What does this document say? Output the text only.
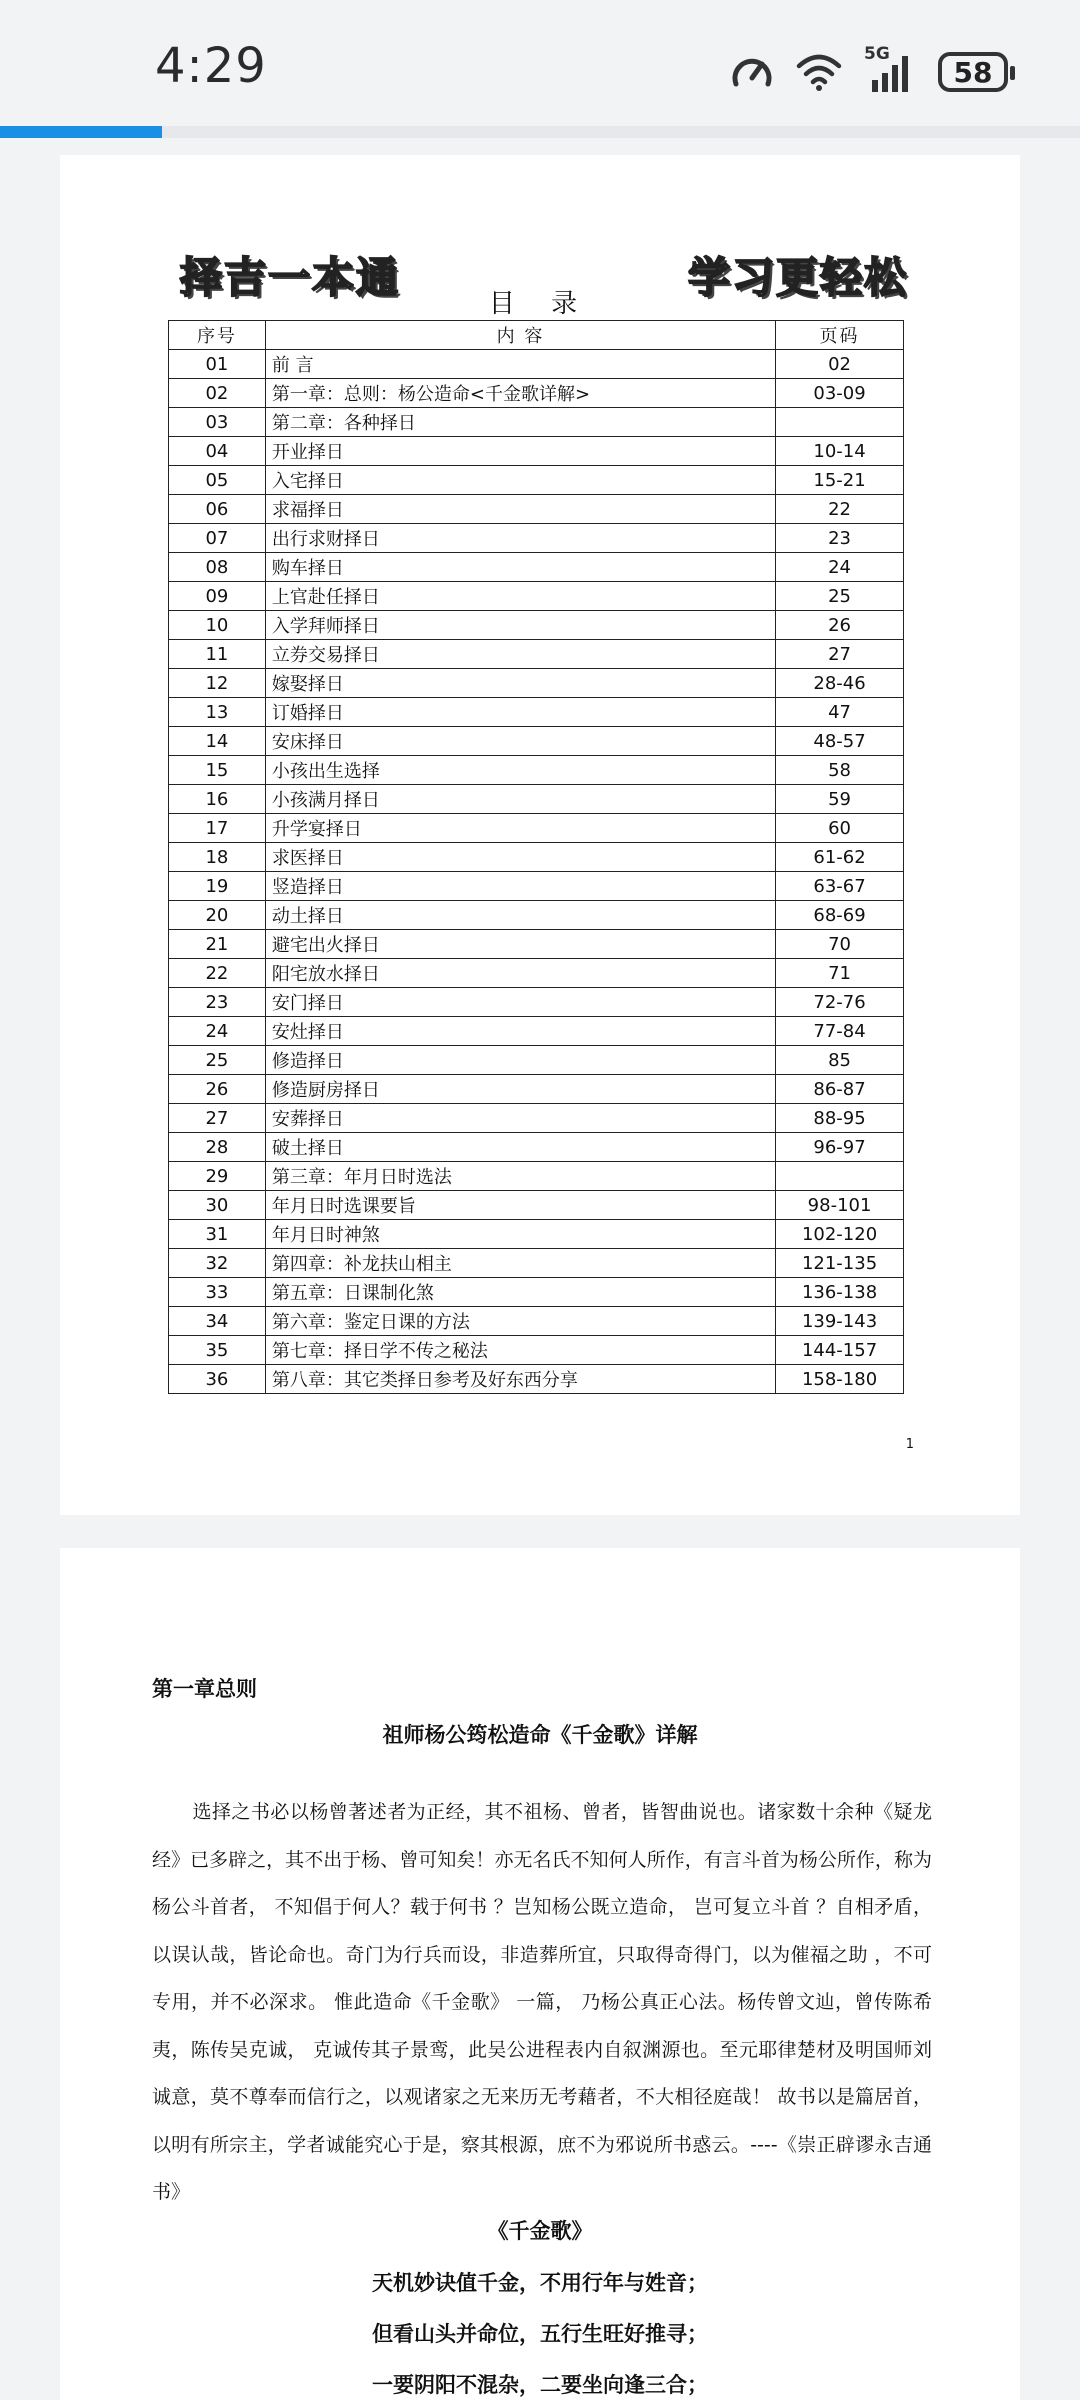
4:29	5G
58
择吉一本通	学习更轻松
目 录
序号	内 容	页码
01	前 言	02
02	第一章：总则：杨公造命<千金歌详解>	03-09
03	第二章：各种择日	
04	开业择日	10-14
05	入宅择日	15-21
06	求福择日	22
07	出行求财择日	23
08	购车择日	24
09	上官赴任择日	25
10	入学拜师择日	26
11	立券交易择日	27
12	嫁娶择日	28-46
13	订婚择日	47
14	安床择日	48-57
15	小孩出生选择	58
16	小孩满月择日	59
17	升学宴择日	60
18	求医择日	61-62
19	竖造择日	63-67
20	动土择日	68-69
21	避宅出火择日	70
22	阳宅放水择日	71
23	安门择日	72-76
24	安灶择日	77-84
25	修造择日	85
26	修造厨房择日	86-87
27	安葬择日	88-95
28	破土择日	96-97
29	第三章：年月日时选法	
30	年月日时选课要旨	98-101
31	年月日时神煞	102-120
32	第四章：补龙扶山相主	121-135
33	第五章：日课制化煞	136-138
34	第六章：鉴定日课的方法	139-143
35	第七章：择日学不传之秘法	144-157
36	第八章：其它类择日参考及好东西分享	158-180
1
第一章总则
祖师杨公筠松造命《千金歌》详解
选择之书必以杨曾著述者为正经，其不祖杨、曾者，皆智曲说也。诸家数十余种《疑龙经》已多辟之，其不出于杨、曾可知矣！亦无名氏不知何人所作，有言斗首为杨公所作，称为杨公斗首者， 不知倡于何人？载于何书 ？岂知杨公既立造命， 岂可复立斗首 ？自相矛盾，以误认哉，皆论命也。奇门为行兵而设，非造葬所宜，只取得奇得门，以为催福之助 ，不可专用，并不必深求。 惟此造命《千金歌》 一篇， 乃杨公真正心法。杨传曾文辿，曾传陈希夷，陈传吴克诚， 克诚传其子景鸾，此吴公进程表内自叙渊源也。至元耶律楚材及明国师刘诚意，莫不尊奉而信行之，以观诸家之无来历无考藉者，不大相径庭哉！ 故书以是篇居首，以明有所宗主，学者诚能究心于是，察其根源，庶不为邪说所书惑云。----《崇正辟谬永吉通书》
《千金歌》
天机妙诀值千金，不用行年与姓音；
但看山头并命位，五行生旺好推寻；
一要阴阳不混杂，二要坐向逢三合；
